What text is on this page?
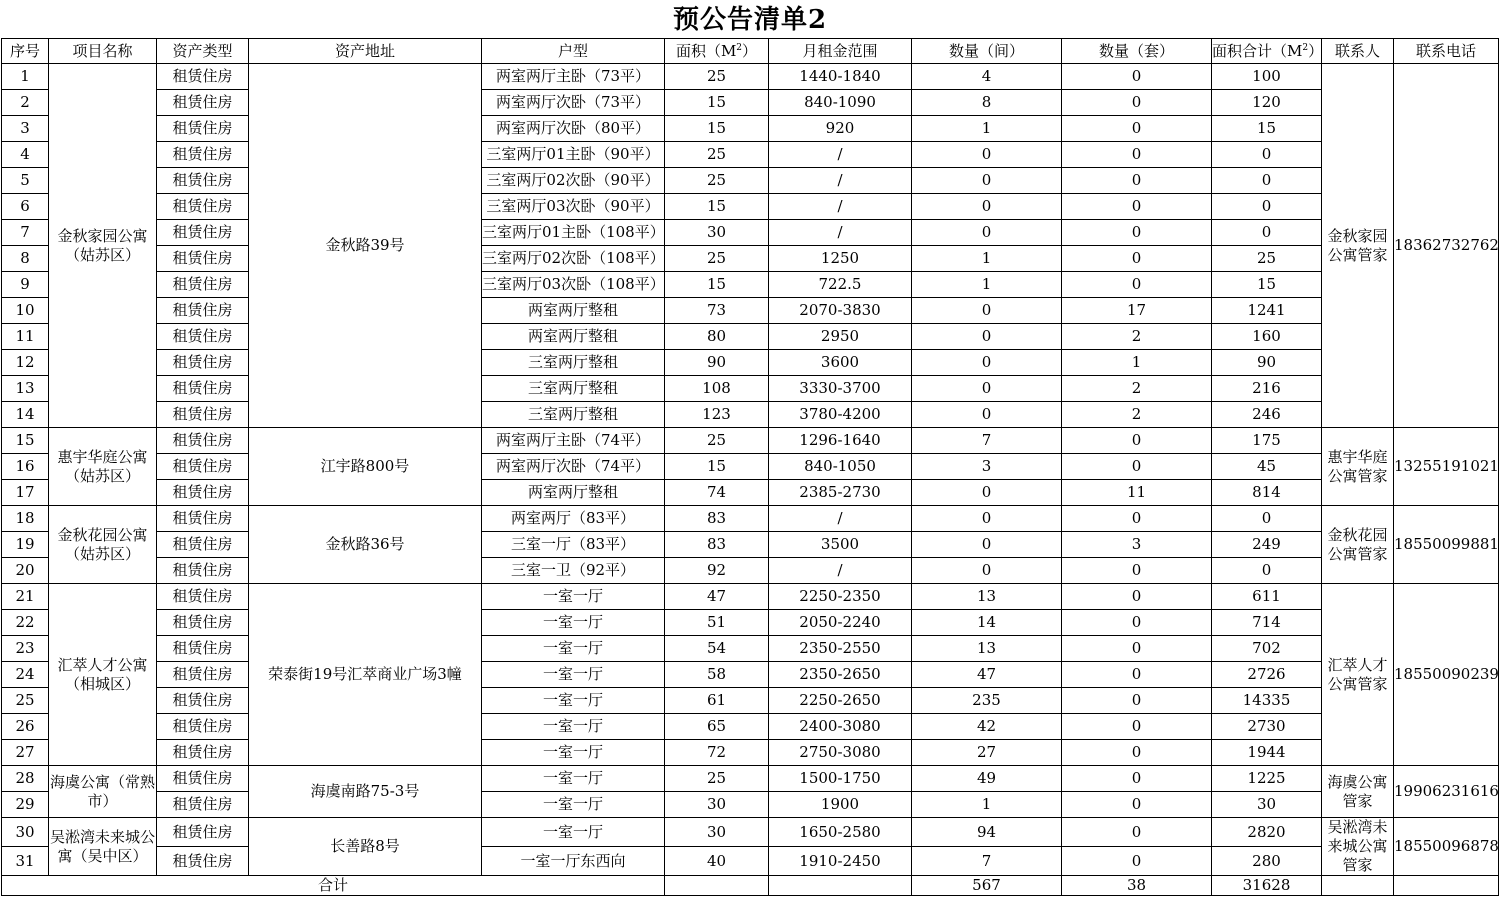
预公告清单2
序号	项目名称	资产类型	资产地址	户型	面积$(M^2)$	月租金范围	数量（间）	数量（套）	面积合计$(M^2)$	联系人	联系电话
1	金秋家园公寓（姑苏区）	租赁住房	金秋路39号	两室两厅主卧（73平）	25	1440-1840	4	0	100	金秋家园公寓管家	18362732762
2		租赁住房		两室两厅次卧（73平）	15	840-1090	8	0	120		
3		租赁住房		两室两厅次卧（80平）	15	920	1	0	15		
4		租赁住房		三室两厅01主卧（90平）	25	/	0	0	0		
5		租赁住房		三室两厅02次卧（90平）	25	/	0	0	0		
6		租赁住房		三室两厅03次卧（90平）	15	/	0	0	0		
7		租赁住房		三室两厅01主卧（108平）	30	/	0	0	0		
8		租赁住房		三室两厅02次卧（108平）	25	1250	1	0	25		
9		租赁住房		三室两厅03次卧（108平）	15	722.5	1	0	15		
10		租赁住房		两室两厅整租	73	2070-3830	0	17	1241		
11		租赁住房		两室两厅整租	80	2950	0	2	160		
12		租赁住房		三室两厅整租	90	3600	0	1	90		
13		租赁住房		三室两厅整租	108	3330-3700	0	2	216		
14		租赁住房		三室两厅整租	123	3780-4200	0	2	246		
15	惠宇华庭公寓（姑苏区）	租赁住房	江宇路800号	两室两厅主卧（74平）	25	1296-1640	7	0	175	惠宇华庭公寓管家	13255191021
16		租赁住房		两室两厅次卧（74平）	15	840-1050	3	0	45		
17		租赁住房		两室两厅整租	74	2385-2730	0	11	814		
18	金秋花园公寓（姑苏区）	租赁住房	金秋路36号	两室两厅（83平）	83	/	0	0	0	金秋花园公寓管家	18550099881
19		租赁住房		三室一厅（83平）	83	3500	0	3	249		
20		租赁住房		三室一卫（92平）	92	/	0	0	0		
21	汇萃人才公寓（相城区）	租赁住房	荣泰街19号汇萃商业广场3幢	一室一厅	47	2250-2350	13	0	611	汇萃人才公寓管家	18550090239
22		租赁住房		一室一厅	51	2050-2240	14	0	714		
23		租赁住房		一室一厅	54	2350-2550	13	0	702		
24		租赁住房		一室一厅	58	2350-2650	47	0	2726		
25		租赁住房		一室一厅	61	2250-2650	235	0	14335		
26		租赁住房		一室一厅	65	2400-3080	42	0	2730		
27		租赁住房		一室一厅	72	2750-3080	27	0	1944		
28	海虞公寓（常熟市）	租赁住房	海虞南路75-3号	一室一厅	25	1500-1750	49	0	1225	海虞公寓管家	19906231616
29		租赁住房		一室一厅	30	1900	1	0	30		
30	吴淞湾未来城公寓（吴中区）	租赁住房	长善路8号	一室一厅	30	1650-2580	94	0	2820	吴淞湾未来城公寓管家	18550096878
31		租赁住房		一室一厅东西向	40	1910-2450	7	0	280		
合计							567	38	31628		
